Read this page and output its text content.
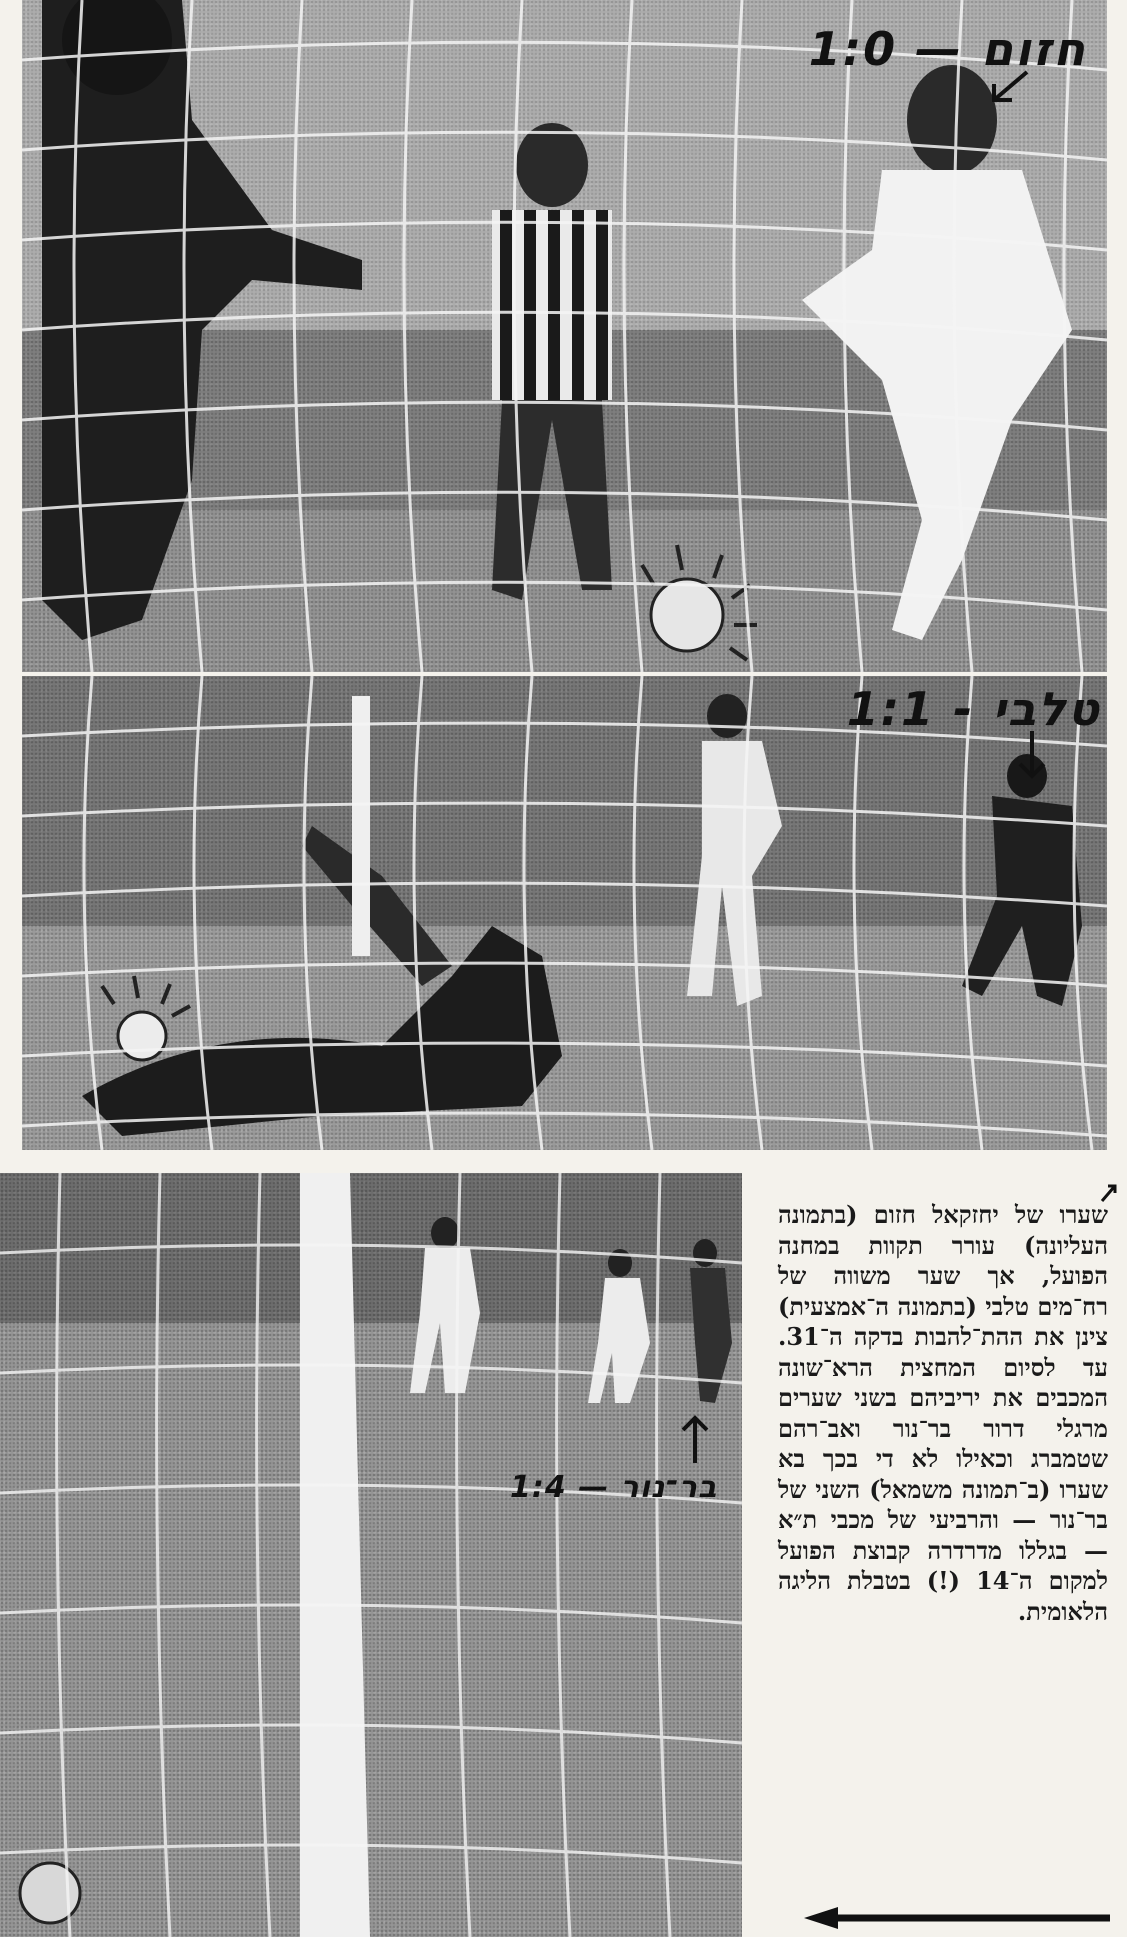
חזום — 1:0
טלבי - 1:1
בר־נור — 1:4

שערו של יחזקאל חזום (בתמונה העליונה) עורר תקוות במחנה הפועל, אך שער משווה של רח־מים טלבי (בתמונה ה־אמצעית) צינן את ההת־להבות בדקה ה־31. עד לסיום המחצית הרא־שונה המכבים את יריביהם בשני שערים מרגלי דרור בר־נור ואב־רהם שטמברג וכאילו לא די בכך בא שערו (ב־תמונה משמאל) השני של בר־נור — והרביעי של מכבי ת״א — בגללו מדרדרה קבוצת הפועל למקום ה־14 (!) בטבלת הליגה הלאומית.
